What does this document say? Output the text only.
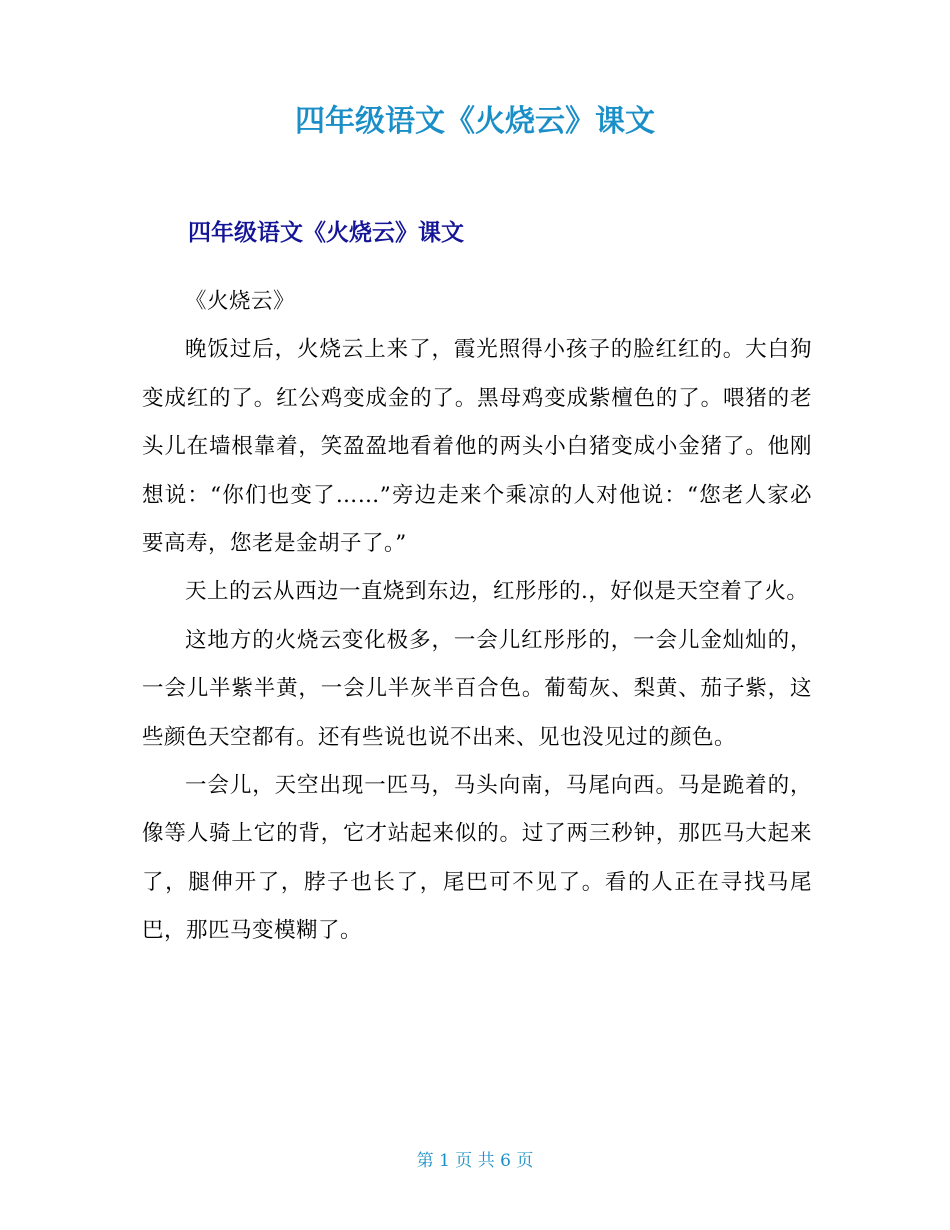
四年级语文《火烧云》课文
四年级语文《火烧云》课文

《火烧云》

晚饭过后，火烧云上来了，霞光照得小孩子的脸红红的。大白狗变成红的了。红公鸡变成金的了。黑母鸡变成紫檀色的了。喂猪的老头儿在墙根靠着，笑盈盈地看着他的两头小白猪变成小金猪了。他刚想说：“你们也变了……”旁边走来个乘凉的人对他说：“您老人家必要高寿，您老是金胡子了。”

天上的云从西边一直烧到东边，红彤彤的.，好似是天空着了火。

这地方的火烧云变化极多，一会儿红彤彤的，一会儿金灿灿的，一会儿半紫半黄，一会儿半灰半百合色。葡萄灰、梨黄、茄子紫，这些颜色天空都有。还有些说也说不出来、见也没见过的颜色。

一会儿，天空出现一匹马，马头向南，马尾向西。马是跪着的，像等人骑上它的背，它才站起来似的。过了两三秒钟，那匹马大起来了，腿伸开了，脖子也长了，尾巴可不见了。看的人正在寻找马尾巴，那匹马变模糊了。

第 1 页 共 6 页
